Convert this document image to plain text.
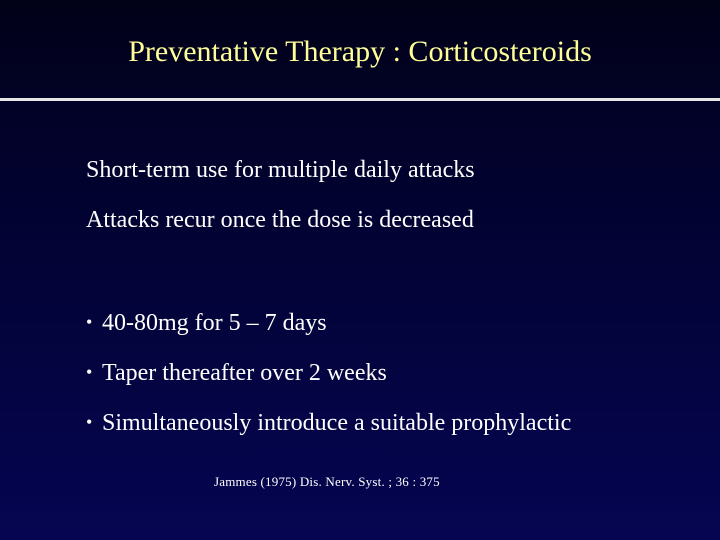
Preventative Therapy : Corticosteroids
Short-term use for multiple daily attacks
Attacks recur once the dose is decreased
• 40-80mg for 5 – 7 days
• Taper thereafter over 2 weeks
• Simultaneously introduce a suitable prophylactic
Jammes (1975) Dis. Nerv. Syst. ; 36 : 375
